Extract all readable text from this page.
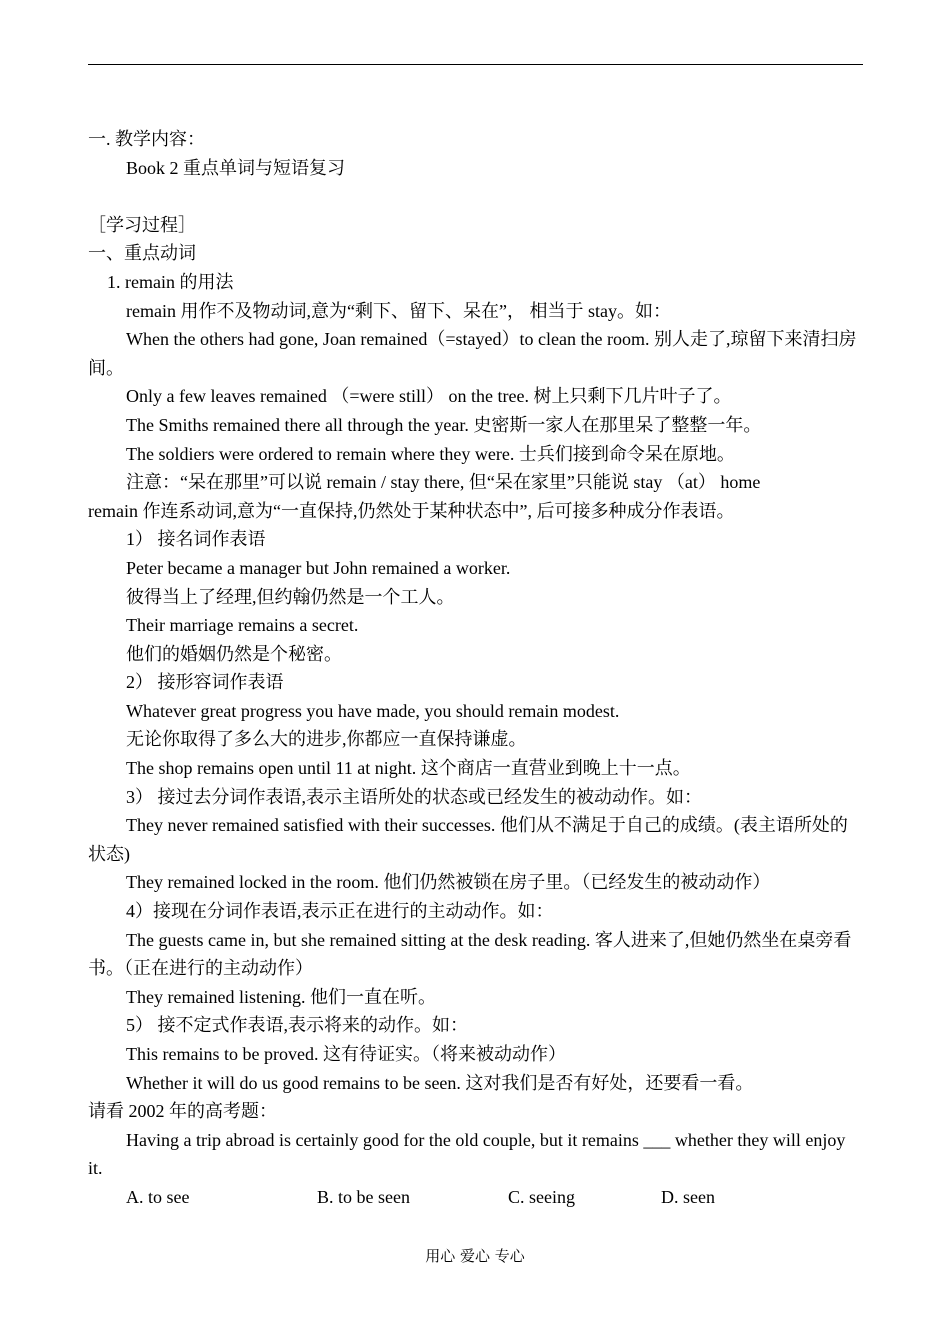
一. 教学内容：
Book 2 重点单词与短语复习
［学习过程］
一、重点动词
1. remain 的用法
remain 用作不及物动词,意为“剩下、留下、呆在”， 相当于 stay。如：
When the others had gone, Joan remained（=stayed）to clean the room. 别人走了,琼留下来清扫房间。
Only a few leaves remained （=were still） on the tree. 树上只剩下几片叶子了。
The Smiths remained there all through the year. 史密斯一家人在那里呆了整整一年。
The soldiers were ordered to remain where they were. 士兵们接到命令呆在原地。
注意：“呆在那里”可以说 remain / stay there, 但“呆在家里”只能说 stay （at） home
remain 作连系动词,意为“一直保持,仍然处于某种状态中”, 后可接多种成分作表语。
1） 接名词作表语
Peter became a manager but John remained a worker.
彼得当上了经理,但约翰仍然是一个工人。
Their marriage remains a secret.
他们的婚姻仍然是个秘密。
2） 接形容词作表语
Whatever great progress you have made, you should remain modest.
无论你取得了多么大的进步,你都应一直保持谦虚。
The shop remains open until 11 at night. 这个商店一直营业到晚上十一点。
3） 接过去分词作表语,表示主语所处的状态或已经发生的被动动作。如：
They never remained satisfied with their successes. 他们从不满足于自己的成绩。(表主语所处的状态)
They remained locked in the room. 他们仍然被锁在房子里。（已经发生的被动动作）
4）接现在分词作表语,表示正在进行的主动动作。如：
The guests came in, but she remained sitting at the desk reading. 客人进来了,但她仍然坐在桌旁看书。（正在进行的主动动作）
They remained listening. 他们一直在听。
5） 接不定式作表语,表示将来的动作。如：
This remains to be proved. 这有待证实。（将来被动动作）
Whether it will do us good remains to be seen. 这对我们是否有好处，还要看一看。
请看 2002 年的高考题：
Having a trip abroad is certainly good for the old couple, but it remains ___ whether they will enjoy it.
A. to see	B. to be seen	C. seeing	D. seen
用心 爱心 专心
